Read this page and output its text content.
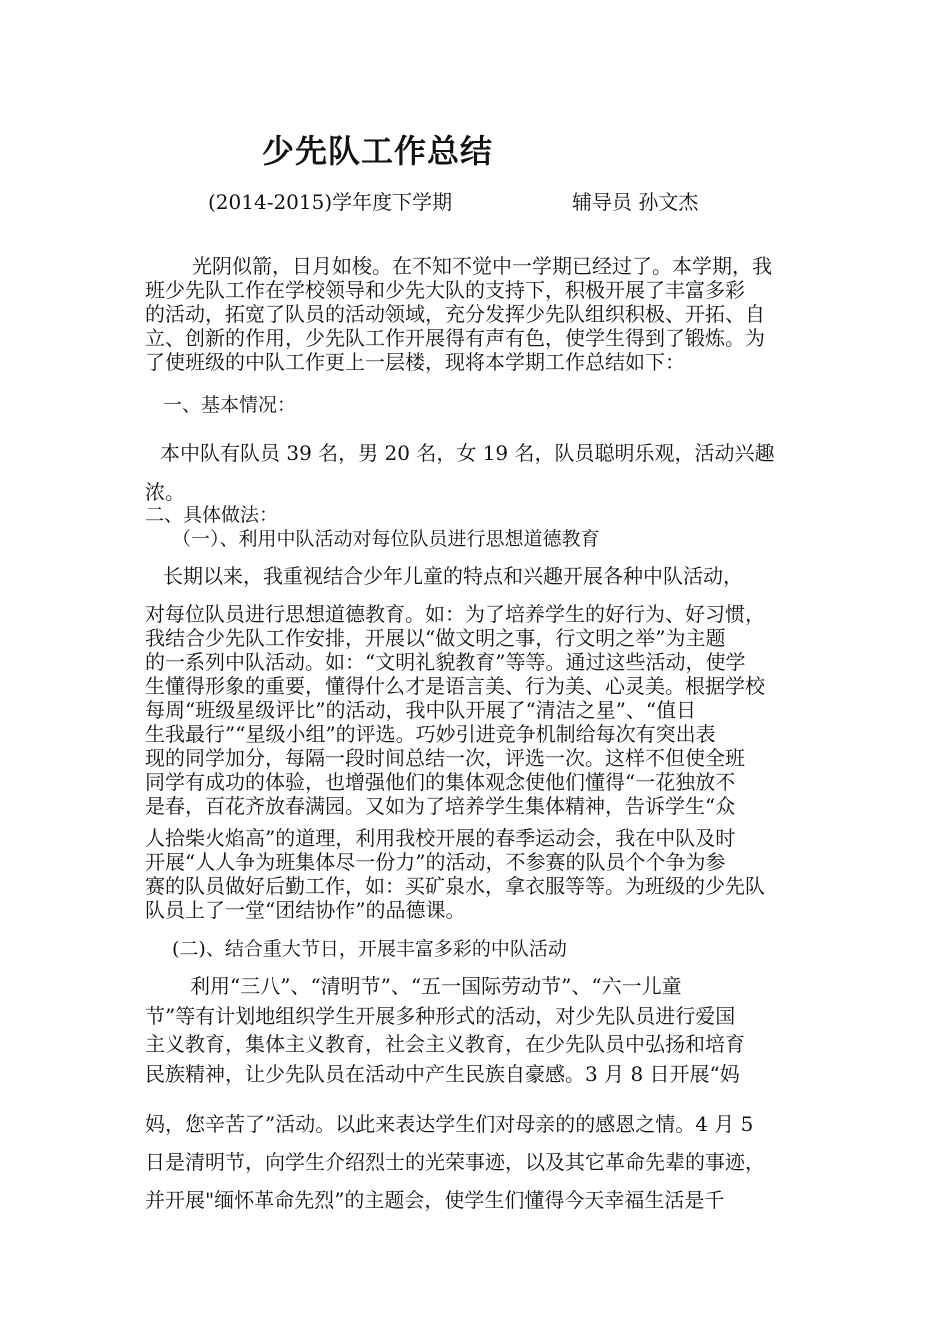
少先队工作总结
(2014-2015)学年度下学期	辅导员 孙文杰
光阴似箭，日月如梭。在不知不觉中一学期已经过了。本学期，我
班少先队工作在学校领导和少先大队的支持下，积极开展了丰富多彩
的活动，拓宽了队员的活动领域，充分发挥少先队组织积极、开拓、自
立、创新的作用，少先队工作开展得有声有色，使学生得到了锻炼。为
了使班级的中队工作更上一层楼，现将本学期工作总结如下：
一、基本情况：
本中队有队员 39 名，男 20 名，女 19 名，队员聪明乐观，活动兴趣
浓。
二、具体做法：
（一）、利用中队活动对每位队员进行思想道德教育
长期以来，我重视结合少年儿童的特点和兴趣开展各种中队活动，
对每位队员进行思想道德教育。如：为了培养学生的好行为、好习惯，
我结合少先队工作安排，开展以“做文明之事，行文明之举”为主题
的一系列中队活动。如：“文明礼貌教育”等等。通过这些活动，使学
生懂得形象的重要，懂得什么才是语言美、行为美、心灵美。根据学校
每周“班级星级评比”的活动，我中队开展了“清洁之星”、“值日
生我最行”“星级小组”的评选。巧妙引进竞争机制给每次有突出表
现的同学加分，每隔一段时间总结一次，评选一次。这样不但使全班
同学有成功的体验，也增强他们的集体观念使他们懂得“一花独放不
是春，百花齐放春满园。又如为了培养学生集体精神，告诉学生“众
人拾柴火焰高”的道理，利用我校开展的春季运动会，我在中队及时
开展“人人争为班集体尽一份力”的活动，不参赛的队员个个争为参
赛的队员做好后勤工作，如：买矿泉水，拿衣服等等。为班级的少先队
队员上了一堂“团结协作”的品德课。
(二)、结合重大节日，开展丰富多彩的中队活动
利用“三八”、“清明节”、“五一国际劳动节”、“六一儿童
节”等有计划地组织学生开展多种形式的活动，对少先队员进行爱国
主义教育，集体主义教育，社会主义教育，在少先队员中弘扬和培育
民族精神，让少先队员在活动中产生民族自豪感。3 月 8 日开展“妈
妈，您辛苦了”活动。以此来表达学生们对母亲的的感恩之情。4 月 5
日是清明节，向学生介绍烈士的光荣事迹，以及其它革命先辈的事迹，
并开展"缅怀革命先烈”的主题会，使学生们懂得今天幸福生活是千
